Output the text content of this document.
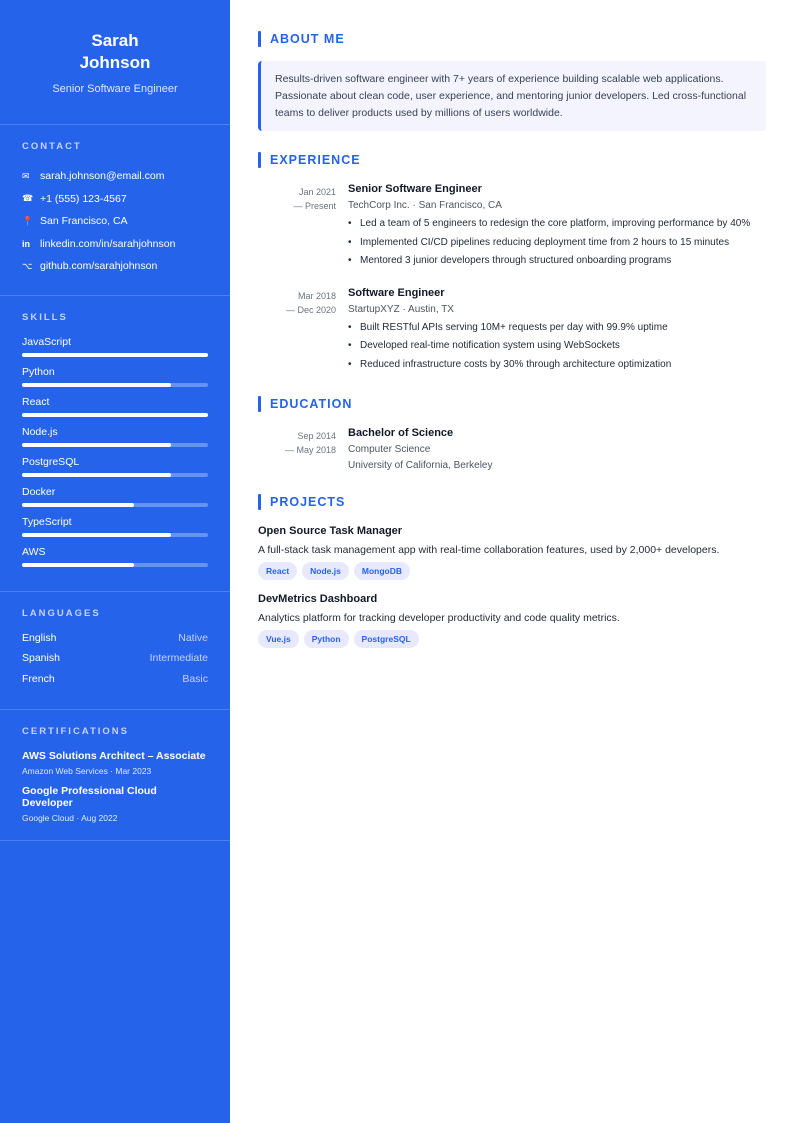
Sarah
Johnson
Senior Software Engineer
CONTACT
✉ sarah.johnson@email.com
☎ +1 (555) 123-4567
📍 San Francisco, CA
in linkedin.com/in/sarahjohnson
⌥ github.com/sarahjohnson
SKILLS
JavaScript
Python
React
Node.js
PostgreSQL
Docker
TypeScript
AWS
LANGUAGES
English	Native
Spanish	Intermediate
French	Basic
CERTIFICATIONS
AWS Solutions Architect – Associate
Amazon Web Services · Mar 2023
Google Professional Cloud Developer
Google Cloud · Aug 2022
ABOUT ME
Results-driven software engineer with 7+ years of experience building scalable web applications. Passionate about clean code, user experience, and mentoring junior developers. Led cross-functional teams to deliver products used by millions of users worldwide.
EXPERIENCE
Jan 2021
— Present
Senior Software Engineer
TechCorp Inc. · San Francisco, CA
• Led a team of 5 engineers to redesign the core platform, improving performance by 40%
• Implemented CI/CD pipelines reducing deployment time from 2 hours to 15 minutes
• Mentored 3 junior developers through structured onboarding programs
Mar 2018
— Dec 2020
Software Engineer
StartupXYZ · Austin, TX
• Built RESTful APIs serving 10M+ requests per day with 99.9% uptime
• Developed real-time notification system using WebSockets
• Reduced infrastructure costs by 30% through architecture optimization
EDUCATION
Sep 2014
— May 2018
Bachelor of Science
Computer Science
University of California, Berkeley
PROJECTS
Open Source Task Manager
A full-stack task management app with real-time collaboration features, used by 2,000+ developers.
React	Node.js	MongoDB
DevMetrics Dashboard
Analytics platform for tracking developer productivity and code quality metrics.
Vue.js	Python	PostgreSQL
